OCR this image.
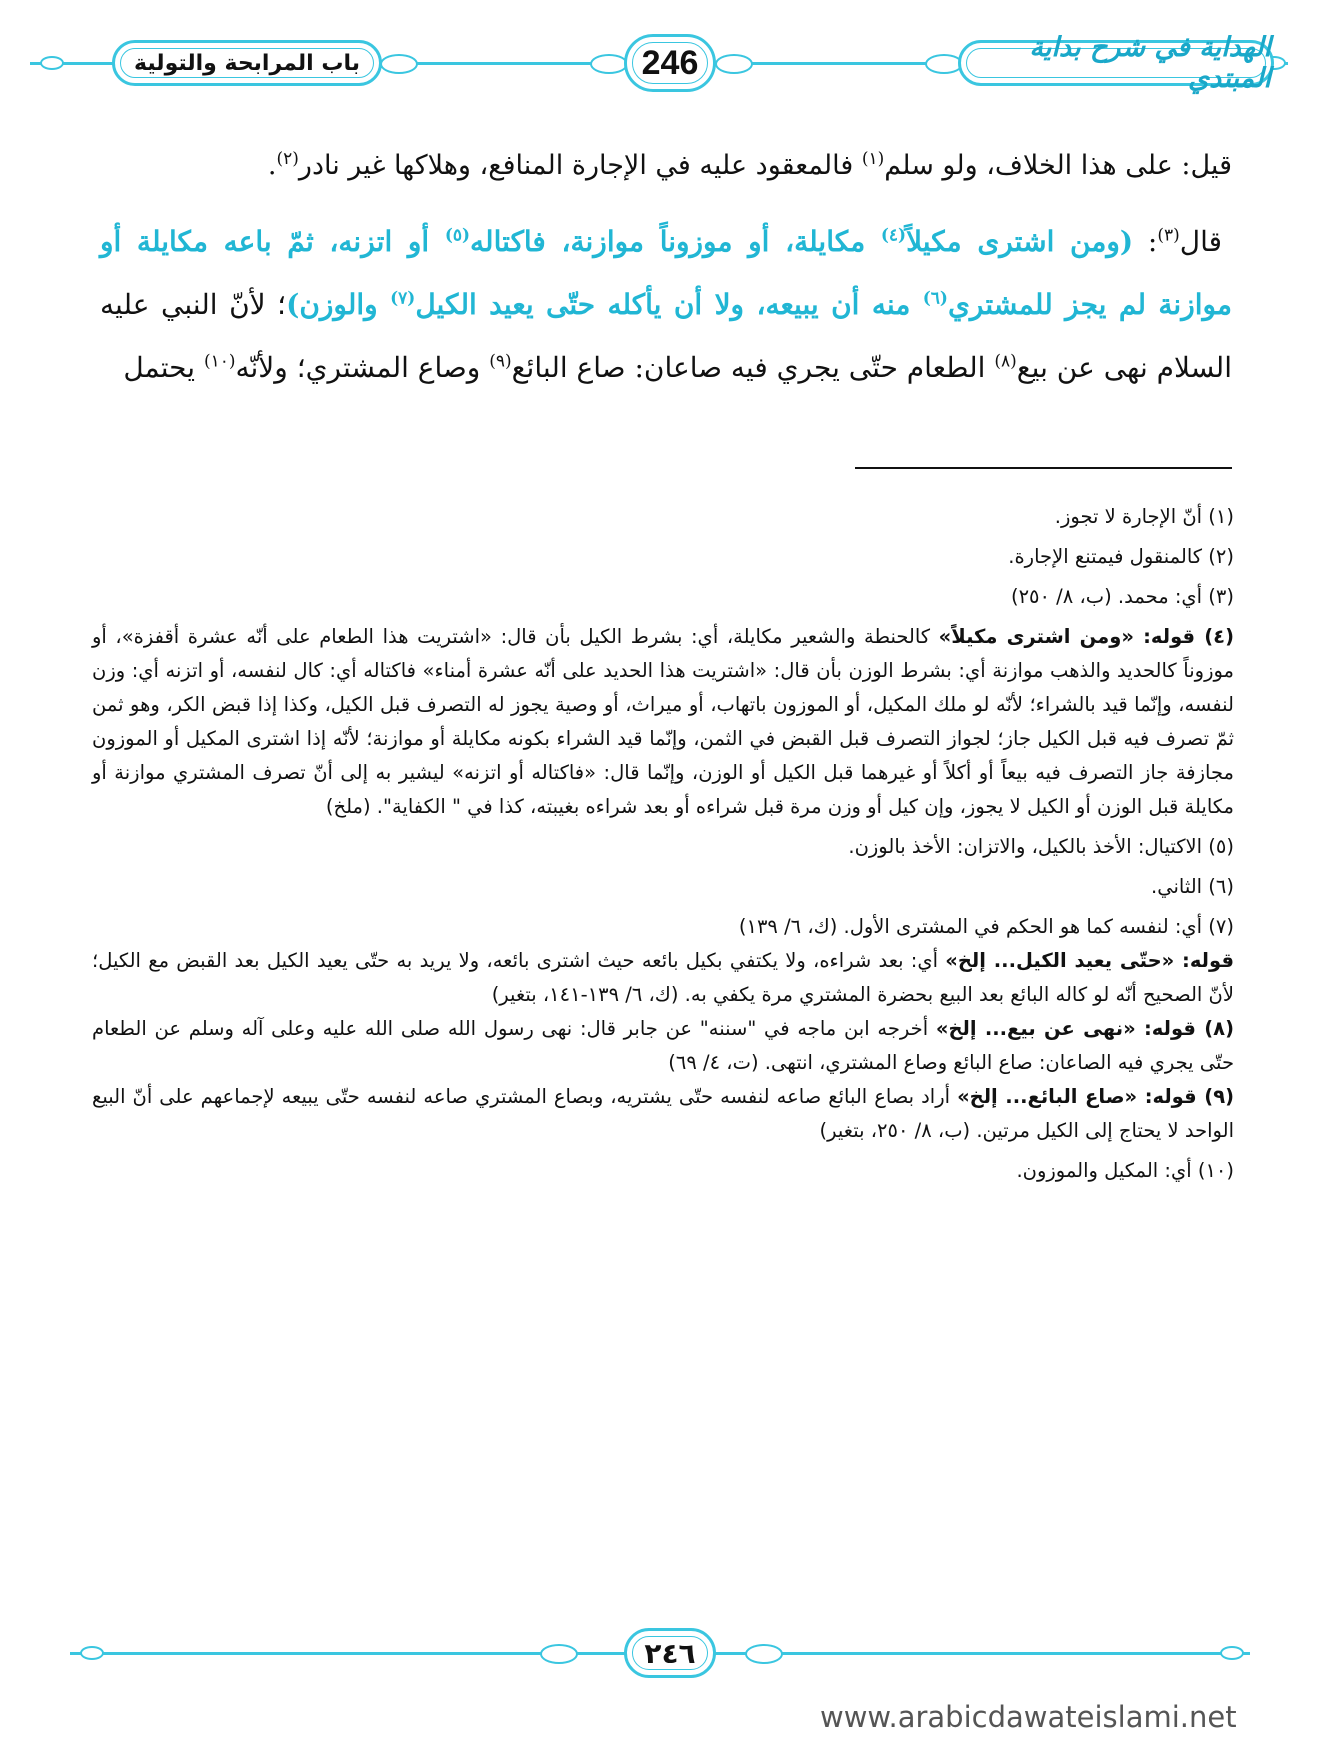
باب المرابحة والتولية	246	الهداية في شرح بداية المبتدي
قيل: على هذا الخلاف، ولو سلم$^{(١)}$ فالمعقود عليه في الإجارة المنافع، وهلاكها غير نادر$^{(٢)}$.
قال$^{(٣)}$: (ومن اشترى مكيلاً$^{(٤)}$ مكايلة، أو موزوناً موازنة، فاكتاله$^{(٥)}$ أو اتزنه، ثمّ باعه مكايلة أو موازنة لم يجز للمشتري$^{(٦)}$ منه أن يبيعه، ولا أن يأكله حتّى يعيد الكيل$^{(٧)}$ والوزن)؛ لأنّ النبي عليه السلام نهى عن بيع$^{(٨)}$ الطعام حتّى يجري فيه صاعان: صاع البائع$^{(٩)}$ وصاع المشتري؛ ولأنّه$^{(١٠)}$ يحتمل

(١) أنّ الإجارة لا تجوز.

(٢) كالمنقول فيمتنع الإجارة.

(٣) أي: محمد. (ب، ٨/ ٢٥٠)

(٤) قوله: «ومن اشترى مكيلاً» كالحنطة والشعير مكايلة، أي: بشرط الكيل بأن قال: «اشتريت هذا الطعام على أنّه عشرة أقفزة»، أو موزوناً كالحديد والذهب موازنة أي: بشرط الوزن بأن قال: «اشتريت هذا الحديد على أنّه عشرة أمناء» فاكتاله أي: كال لنفسه، أو اتزنه أي: وزن لنفسه، وإنّما قيد بالشراء؛ لأنّه لو ملك المكيل، أو الموزون باتهاب، أو ميراث، أو وصية يجوز له التصرف قبل الكيل، وكذا إذا قبض الكر، وهو ثمن ثمّ تصرف فيه قبل الكيل جاز؛ لجواز التصرف قبل القبض في الثمن، وإنّما قيد الشراء بكونه مكايلة أو موازنة؛ لأنّه إذا اشترى المكيل أو الموزون مجازفة جاز التصرف فيه بيعاً أو أكلاً أو غيرهما قبل الكيل أو الوزن، وإنّما قال: «فاكتاله أو اتزنه» ليشير به إلى أنّ تصرف المشتري موازنة أو مكايلة قبل الوزن أو الكيل لا يجوز، وإن كيل أو وزن مرة قبل شراءه أو بعد شراءه بغيبته، كذا في " الكفاية". (ملخ)

(٥) الاكتيال: الأخذ بالكيل، والاتزان: الأخذ بالوزن.

(٦) الثاني.

(٧) أي: لنفسه كما هو الحكم في المشترى الأول. (ك، ٦/ ١٣٩)

قوله: «حتّى يعيد الكيل... إلخ» أي: بعد شراءه، ولا يكتفي بكيل بائعه حيث اشترى بائعه، ولا يريد به حتّى يعيد الكيل بعد القبض مع الكيل؛ لأنّ الصحيح أنّه لو كاله البائع بعد البيع بحضرة المشتري مرة يكفي به. (ك، ٦/ ١٣٩-١٤١، بتغير)

(٨) قوله: «نهى عن بيع... إلخ» أخرجه ابن ماجه في "سننه" عن جابر قال: نهى رسول الله صلى الله عليه وعلى آله وسلم عن الطعام حتّى يجري فيه الصاعان: صاع البائع وصاع المشتري، انتهى. (ت، ٤/ ٦٩)

(٩) قوله: «صاع البائع... إلخ» أراد بصاع البائع صاعه لنفسه حتّى يشتريه، وبصاع المشتري صاعه لنفسه حتّى يبيعه لإجماعهم على أنّ البيع الواحد لا يحتاج إلى الكيل مرتين. (ب، ٨/ ٢٥٠، بتغير)

(١٠) أي: المكيل والموزون.

٢٤٦
www.arabicdawateislami.net
